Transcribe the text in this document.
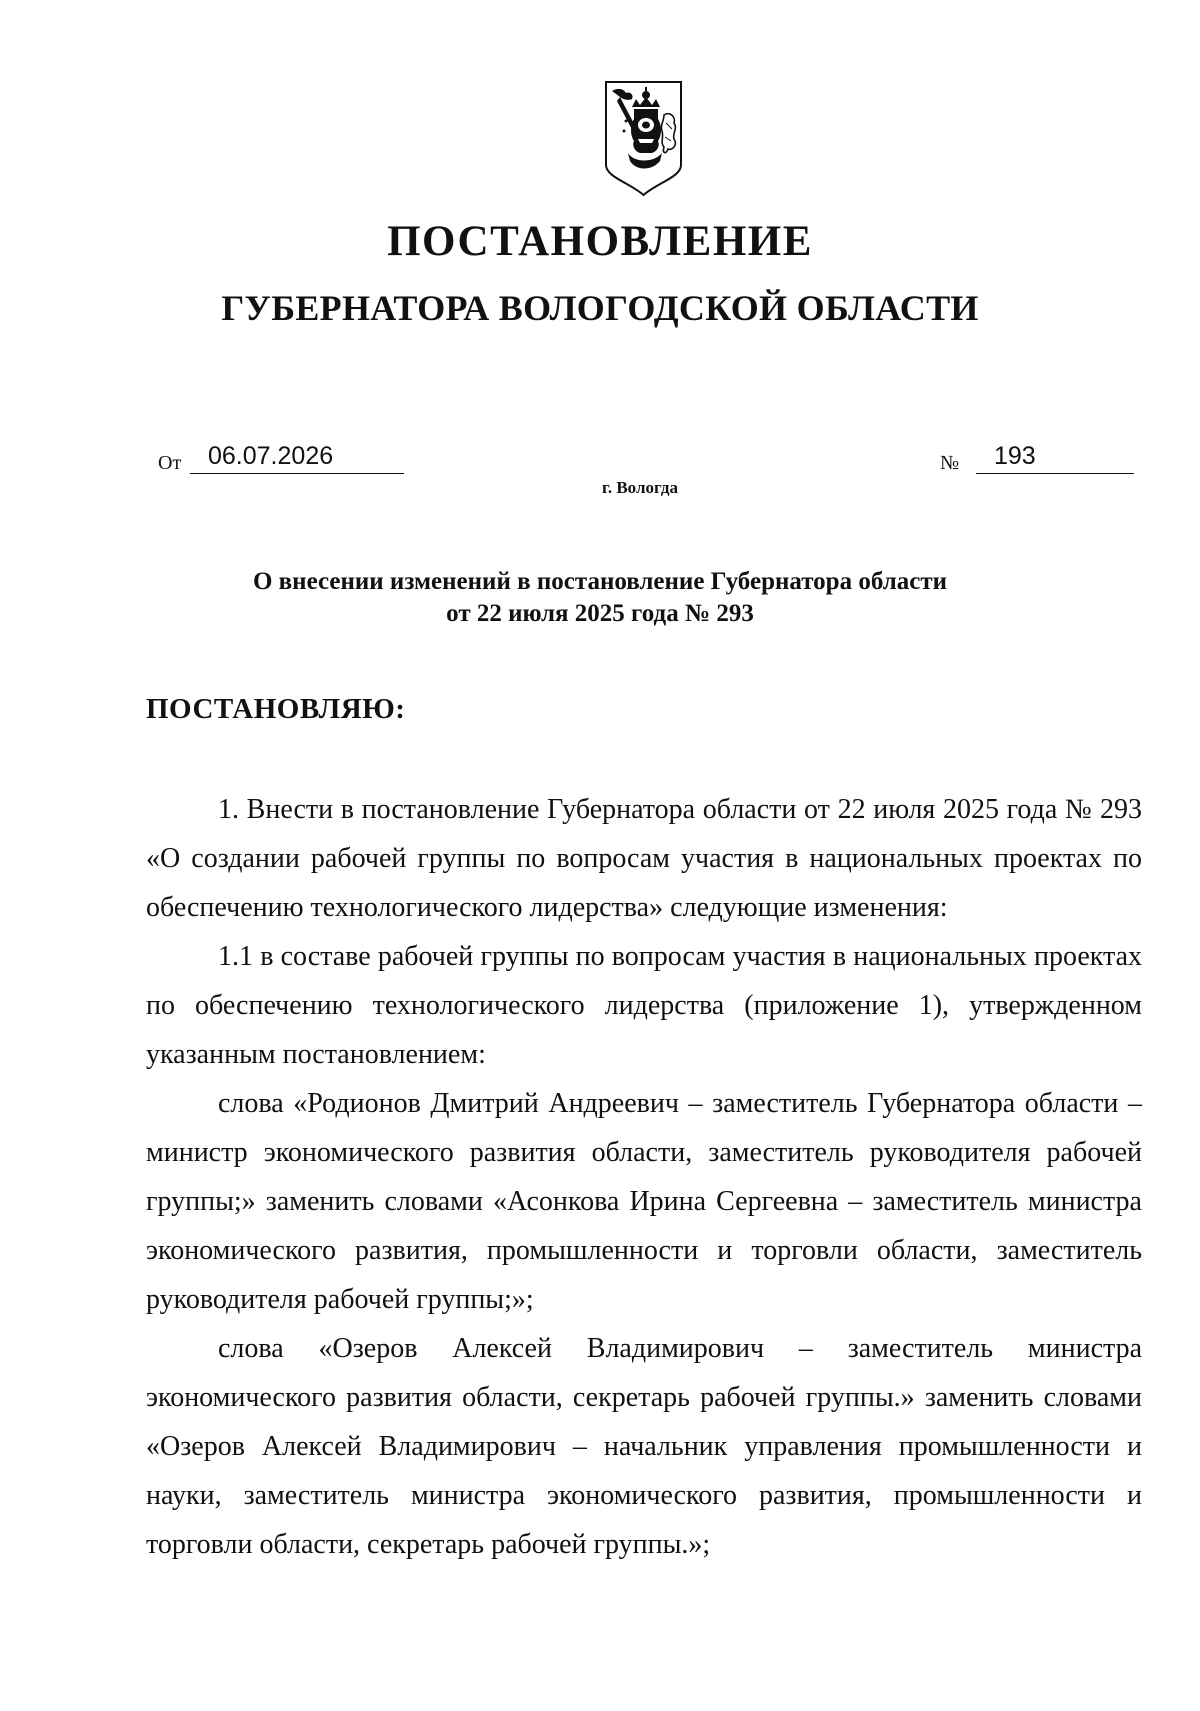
ПОСТАНОВЛЕНИЕ
ГУБЕРНАТОРА ВОЛОГОДСКОЙ ОБЛАСТИ
От	06.07.2026	№	193
г. Вологда
О внесении изменений в постановление Губернатора области
от 22 июля 2025 года № 293
ПОСТАНОВЛЯЮ:

1. Внести в постановление Губернатора области от 22 июля 2025 года № 293 «О создании рабочей группы по вопросам участия в национальных проектах по обеспечению технологического лидерства» следующие изменения:

1.1 в составе рабочей группы по вопросам участия в национальных проектах по обеспечению технологического лидерства (приложение 1), утвержденном указанным постановлением:

слова «Родионов Дмитрий Андреевич – заместитель Губернатора области – министр экономического развития области, заместитель руководителя рабочей группы;» заменить словами «Асонкова Ирина Сергеевна – заместитель министра экономического развития, промышленности и торговли области, заместитель руководителя рабочей группы;»;

слова «Озеров Алексей Владимирович – заместитель министра экономического развития области, секретарь рабочей группы.» заменить словами «Озеров Алексей Владимирович – начальник управления промышленности и науки, заместитель министра экономического развития, промышленности и торговли области, секретарь рабочей группы.»;
